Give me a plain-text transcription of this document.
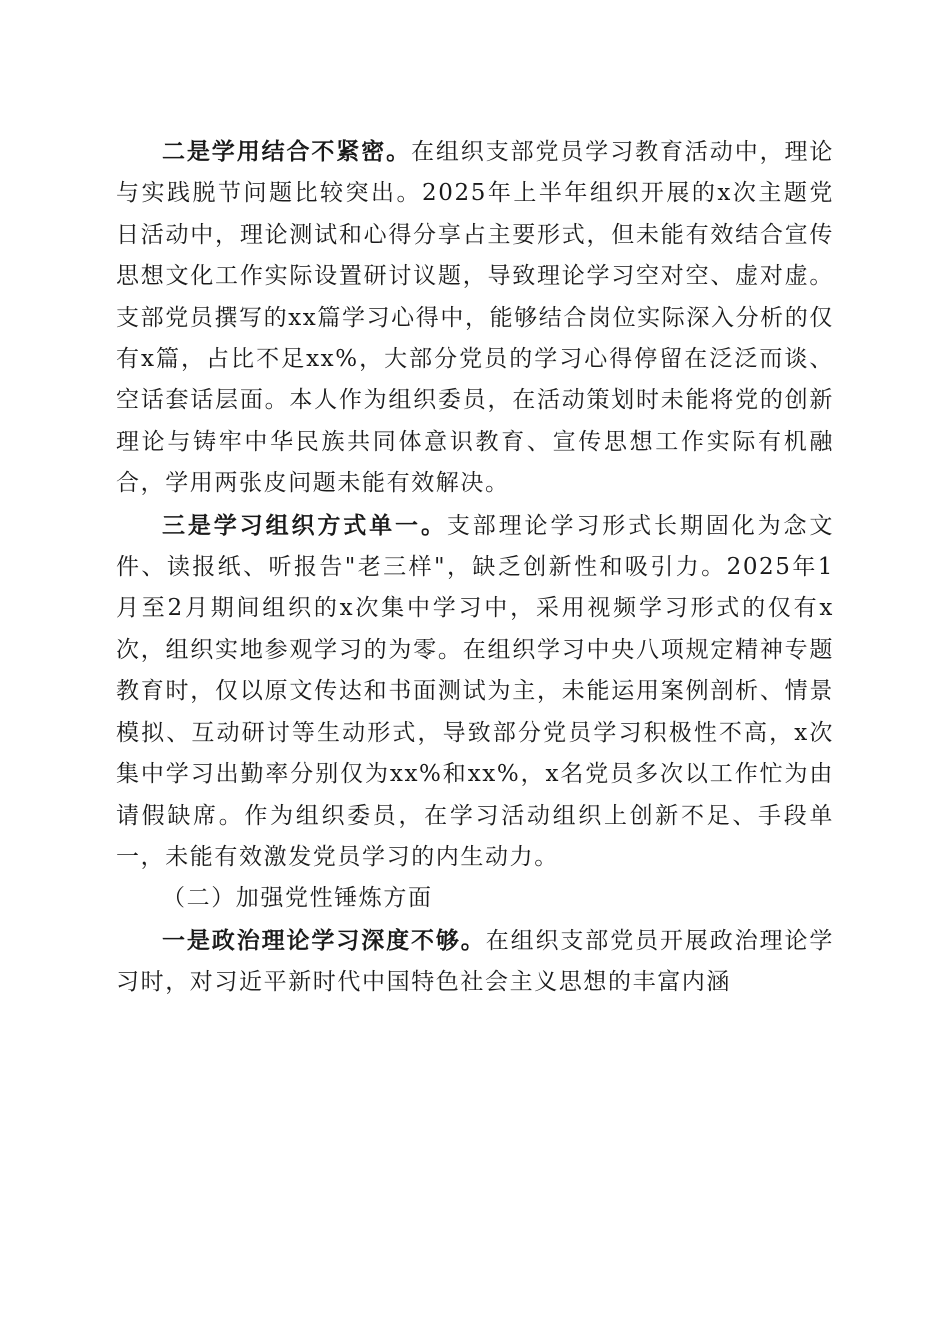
二是学用结合不紧密。在组织支部党员学习教育活动中，理论与实践脱节问题比较突出。2025年上半年组织开展的x次主题党日活动中，理论测试和心得分享占主要形式，但未能有效结合宣传思想文化工作实际设置研讨议题，导致理论学习空对空、虚对虚。支部党员撰写的xx篇学习心得中，能够结合岗位实际深入分析的仅有x篇，占比不足xx%，大部分党员的学习心得停留在泛泛而谈、空话套话层面。本人作为组织委员，在活动策划时未能将党的创新理论与铸牢中华民族共同体意识教育、宣传思想工作实际有机融合，学用两张皮问题未能有效解决。

三是学习组织方式单一。支部理论学习形式长期固化为念文件、读报纸、听报告"老三样"，缺乏创新性和吸引力。2025年1月至2月期间组织的x次集中学习中，采用视频学习形式的仅有x次，组织实地参观学习的为零。在组织学习中央八项规定精神专题教育时，仅以原文传达和书面测试为主，未能运用案例剖析、情景模拟、互动研讨等生动形式，导致部分党员学习积极性不高，x次集中学习出勤率分别仅为xx%和xx%，x名党员多次以工作忙为由请假缺席。作为组织委员，在学习活动组织上创新不足、手段单一，未能有效激发党员学习的内生动力。

（二）加强党性锤炼方面

一是政治理论学习深度不够。在组织支部党员开展政治理论学习时，对习近平新时代中国特色社会主义思想的丰富内涵
